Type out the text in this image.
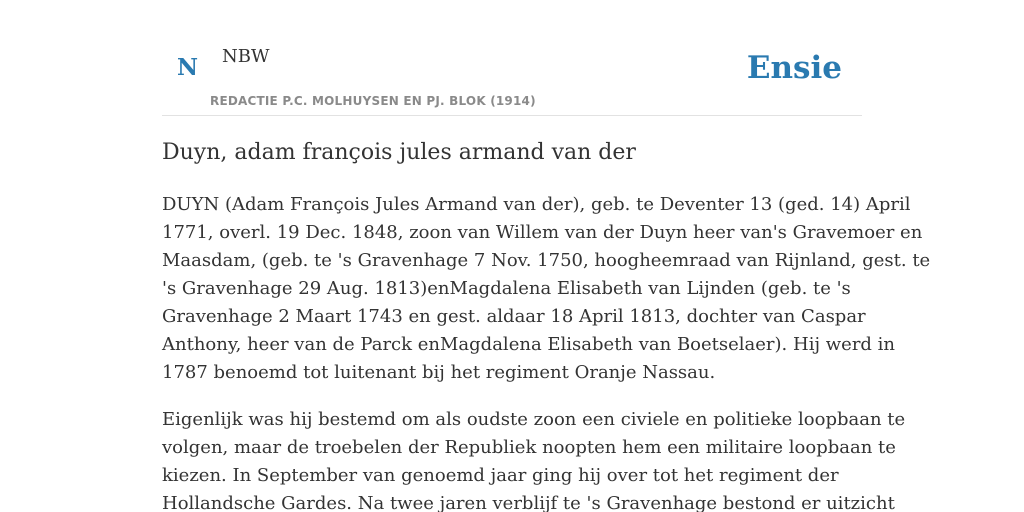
N NBW
REDACTIE P.C. MOLHUYSEN EN PJ. BLOK (1914)
Ensie
Duyn, adam françois jules armand van der

DUYN (Adam François Jules Armand van der), geb. te Deventer 13 (ged. 14) April
1771, overl. 19 Dec. 1848, zoon van Willem van der Duyn heer van's Gravemoer en
Maasdam, (geb. te 's Gravenhage 7 Nov. 1750, hoogheemraad van Rijnland, gest. te
's Gravenhage 29 Aug. 1813)enMagdalena Elisabeth van Lijnden (geb. te 's
Gravenhage 2 Maart 1743 en gest. aldaar 18 April 1813, dochter van Caspar
Anthony, heer van de Parck enMagdalena Elisabeth van Boetselaer). Hij werd in
1787 benoemd tot luitenant bij het regiment Oranje Nassau.

Eigenlijk was hij bestemd om als oudste zoon een civiele en politieke loopbaan te
volgen, maar de troebelen der Republiek noopten hem een militaire loopbaan te
kiezen. In September van genoemd jaar ging hij over tot het regiment der
Hollandsche Gardes. Na twee jaren verblijf te 's Gravenhage bestond er uitzicht
